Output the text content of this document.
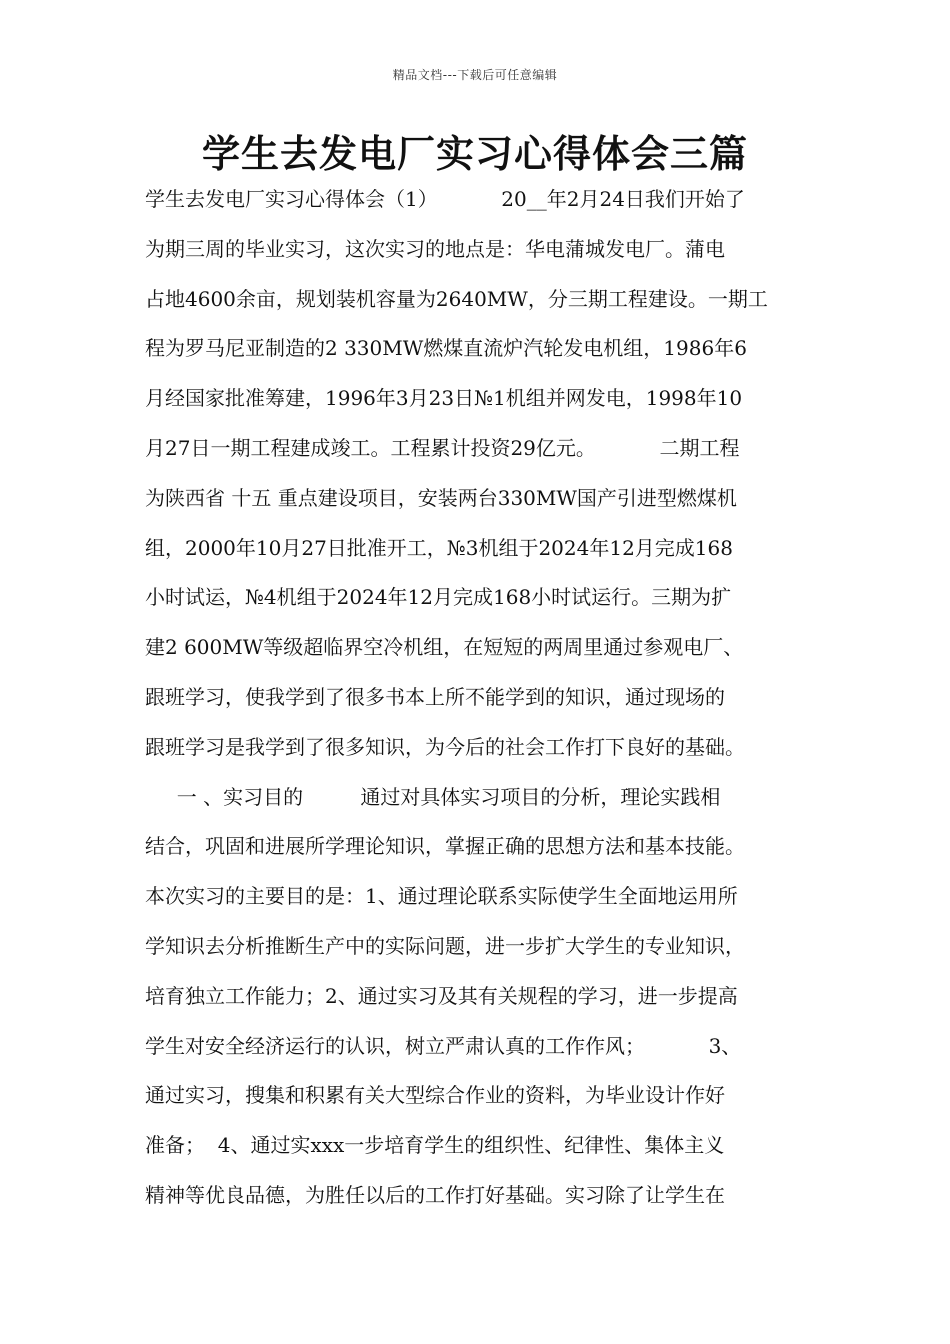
精品文档---下载后可任意编辑
学生去发电厂实习心得体会三篇
学生去发电厂实习心得体会（1）          20__年2月24日我们开始了
为期三周的毕业实习，这次实习的地点是：华电蒲城发电厂。蒲电
占地4600余亩，规划装机容量为2640MW，分三期工程建设。一期工
程为罗马尼亚制造的2 330MW燃煤直流炉汽轮发电机组，1986年6
月经国家批准筹建，1996年3月23日№1机组并网发电，1998年10
月27日一期工程建成竣工。工程累计投资29亿元。          二期工程
为陕西省 十五 重点建设项目，安装两台330MW国产引进型燃煤机
组，2000年10月27日批准开工，№3机组于2024年12月完成168
小时试运，№4机组于2024年12月完成168小时试运行。三期为扩
建2 600MW等级超临界空冷机组，在短短的两周里通过参观电厂、
跟班学习，使我学到了很多书本上所不能学到的知识，通过现场的
跟班学习是我学到了很多知识，为今后的社会工作打下良好的基础。
一 、实习目的         通过对具体实习项目的分析，理论实践相
结合，巩固和进展所学理论知识，掌握正确的思想方法和基本技能。
本次实习的主要目的是：1、通过理论联系实际使学生全面地运用所
学知识去分析推断生产中的实际问题，进一步扩大学生的专业知识，
培育独立工作能力；2、通过实习及其有关规程的学习，进一步提高
学生对安全经济运行的认识，树立严肃认真的工作作风；          3、
通过实习，搜集和积累有关大型综合作业的资料，为毕业设计作好
准备；  4、通过实xxx一步培育学生的组织性、纪律性、集体主义
精神等优良品德，为胜任以后的工作打好基础。实习除了让学生在
